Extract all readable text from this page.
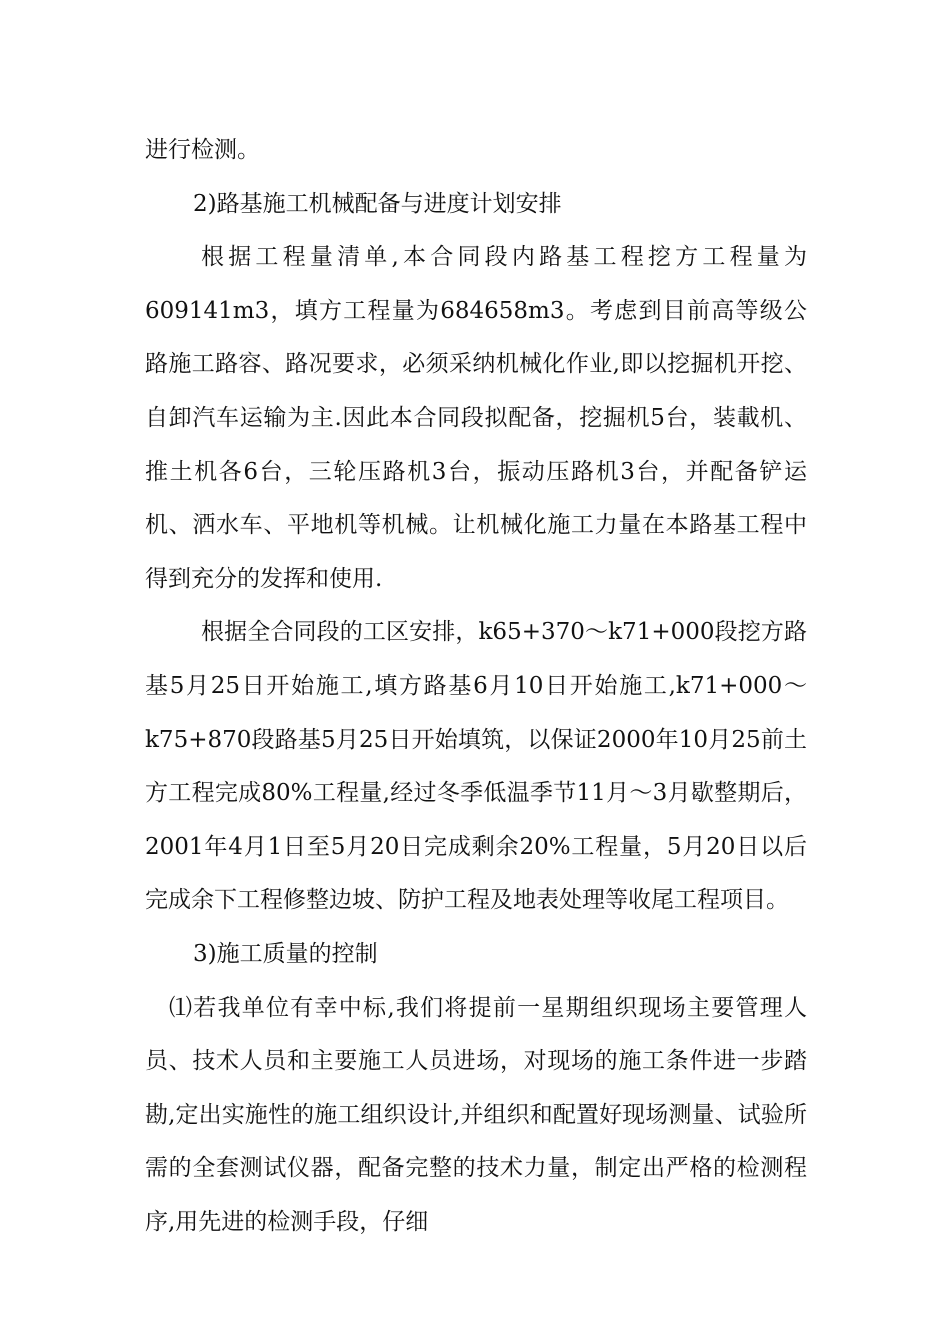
进行检测。

2)路基施工机械配备与进度计划安排

根据工程量清单,本合同段内路基工程挖方工程量为609141m3，填方工程量为684658m3。考虑到目前高等级公路施工路容、路况要求，必须采纳机械化作业,即以挖掘机开挖、自卸汽车运输为主.因此本合同段拟配备，挖掘机5台，装載机、推土机各6台，三轮压路机3台，振动压路机3台，并配备铲运机、洒水车、平地机等机械。让机械化施工力量在本路基工程中得到充分的发挥和使用.

根据全合同段的工区安排，k65+370～k71+000段挖方路基5月25日开始施工,填方路基6月10日开始施工,k71+000～k75+870段路基5月25日开始填筑，以保证2000年10月25前土方工程完成80%工程量,经过冬季低温季节11月～3月歇整期后，2001年4月1日至5月20日完成剩余20%工程量，5月20日以后完成余下工程修整边坡、防护工程及地表处理等收尾工程项目。

3)施工质量的控制

⑴若我单位有幸中标,我们将提前一星期组织现场主要管理人员、技术人员和主要施工人员进场，对现场的施工条件进一步踏勘,定出实施性的施工组织设计,并组织和配置好现场测量、试验所需的全套测试仪器，配备完整的技术力量，制定出严格的检测程序,用先进的检测手段，仔细
